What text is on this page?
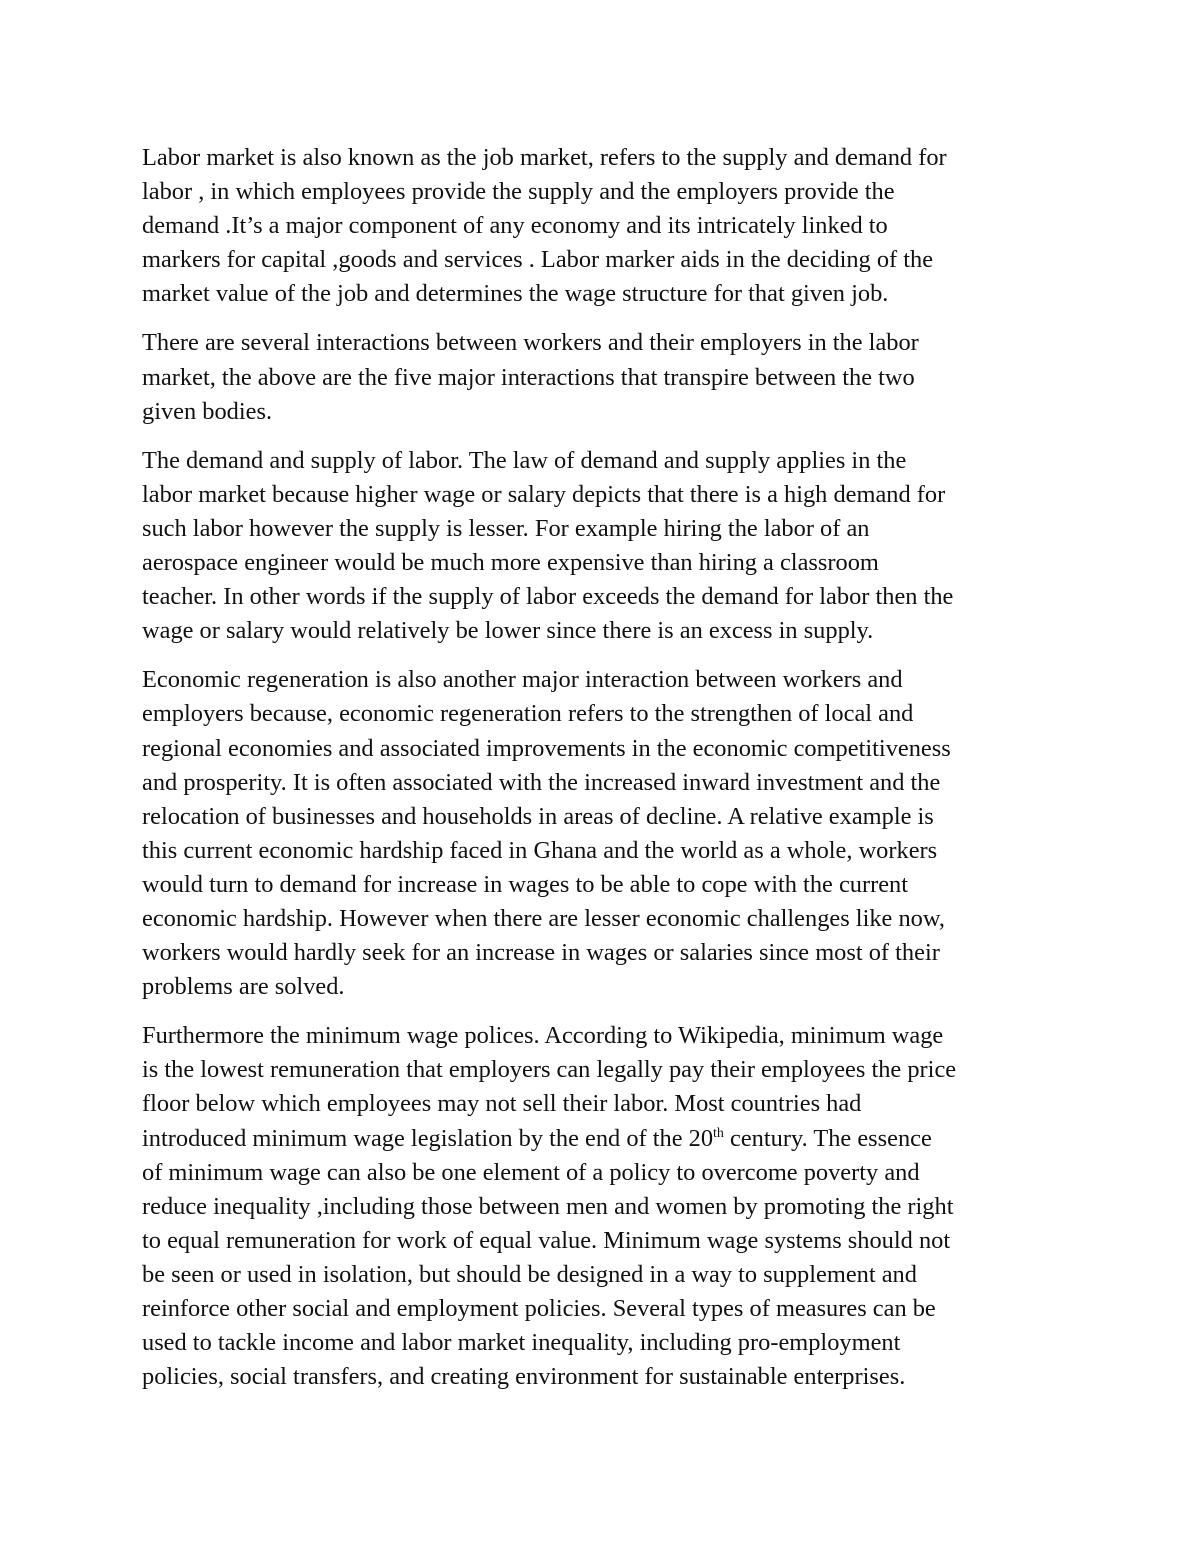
Labor market is also known as the job market, refers to the supply and demand for
labor , in which employees provide the supply and the employers provide the
demand .It’s a major component of any economy and its intricately linked to
markers for capital ,goods and services . Labor marker aids in the deciding of the
market value of the job and determines the wage structure for that given job.

There are several interactions between workers and their employers in the labor
market, the above are the five major interactions that transpire between the two
given bodies.

The demand and supply of labor. The law of demand and supply applies in the
labor market because higher wage or salary depicts that there is a high demand for
such labor however the supply is lesser. For example hiring the labor of an
aerospace engineer would be much more expensive than hiring a classroom
teacher. In other words if the supply of labor exceeds the demand for labor then the
wage or salary would relatively be lower since there is an excess in supply.

Economic regeneration is also another major interaction between workers and
employers because, economic regeneration refers to the strengthen of local and
regional economies and associated improvements in the economic competitiveness
and prosperity. It is often associated with the increased inward investment and the
relocation of businesses and households in areas of decline. A relative example is
this current economic hardship faced in Ghana and the world as a whole, workers
would turn to demand for increase in wages to be able to cope with the current
economic hardship. However when there are lesser economic challenges like now,
workers would hardly seek for an increase in wages or salaries since most of their
problems are solved.

Furthermore the minimum wage polices. According to Wikipedia, minimum wage
is the lowest remuneration that employers can legally pay their employees the price
floor below which employees may not sell their labor. Most countries had
introduced minimum wage legislation by the end of the 20th century. The essence
of minimum wage can also be one element of a policy to overcome poverty and
reduce inequality ,including those between men and women by promoting the right
to equal remuneration for work of equal value. Minimum wage systems should not
be seen or used in isolation, but should be designed in a way to supplement and
reinforce other social and employment policies. Several types of measures can be
used to tackle income and labor market inequality, including pro-employment
policies, social transfers, and creating environment for sustainable enterprises.
